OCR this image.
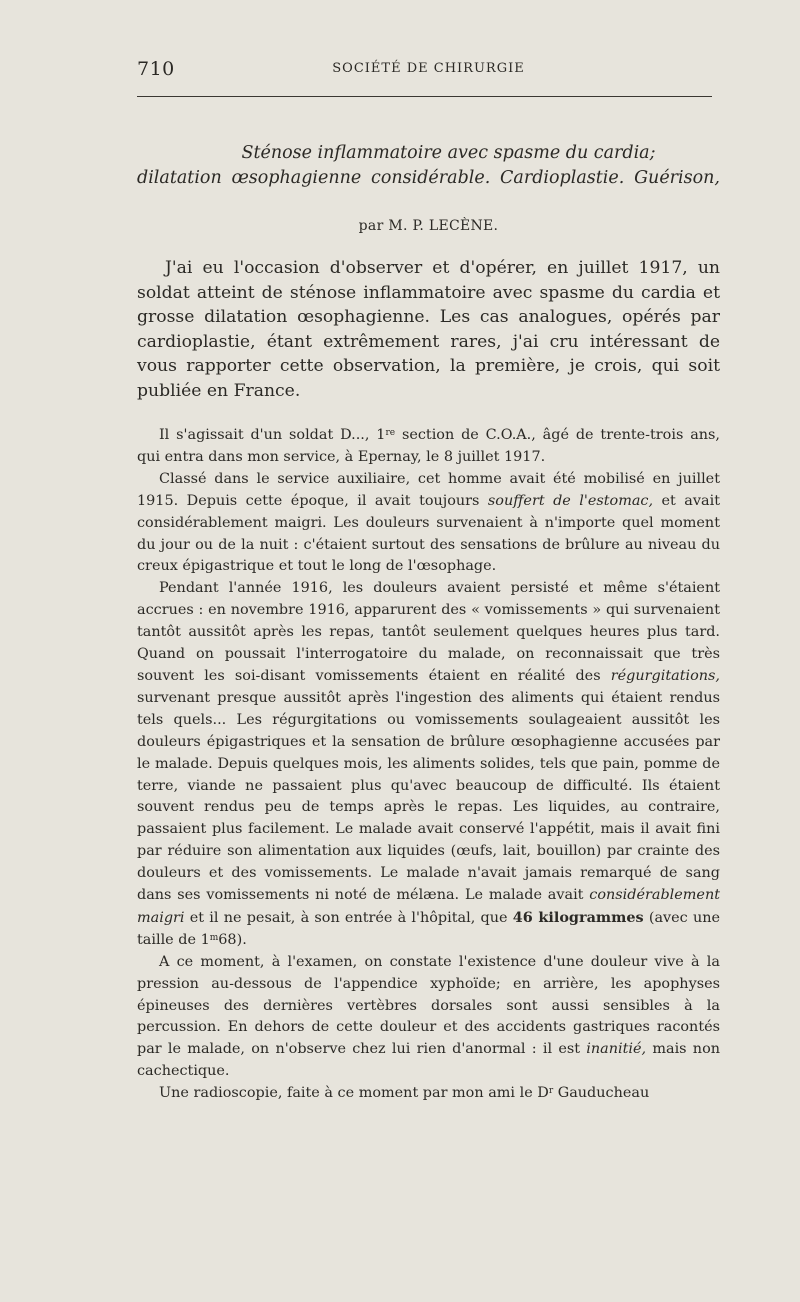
710	SOCIÉTÉ DE CHIRURGIE
Sténose inflammatoire avec spasme du cardia;
dilatation œsophagienne considérable. Cardioplastie. Guérison,
par M. P. LECÈNE.

J'ai eu l'occasion d'observer et d'opérer, en juillet 1917, un soldat atteint de sténose inflammatoire avec spasme du cardia et grosse dilatation œsophagienne. Les cas analogues, opérés par cardioplastie, étant extrêmement rares, j'ai cru intéressant de vous rapporter cette observation, la première, je crois, qui soit publiée en France.

Il s'agissait d'un soldat D..., 1re section de C.O.A., âgé de trente-trois ans, qui entra dans mon service, à Epernay, le 8 juillet 1917.

Classé dans le service auxiliaire, cet homme avait été mobilisé en juillet 1915. Depuis cette époque, il avait toujours souffert de l'estomac, et avait considérablement maigri. Les douleurs survenaient à n'importe quel moment du jour ou de la nuit : c'étaient surtout des sensations de brûlure au niveau du creux épigastrique et tout le long de l'œsophage.

Pendant l'année 1916, les douleurs avaient persisté et même s'étaient accrues : en novembre 1916, apparurent des « vomissements » qui survenaient tantôt aussitôt après les repas, tantôt seulement quelques heures plus tard. Quand on poussait l'interrogatoire du malade, on reconnaissait que très souvent les soi-disant vomissements étaient en réalité des régurgitations, survenant presque aussitôt après l'ingestion des aliments qui étaient rendus tels quels... Les régurgitations ou vomissements soulageaient aussitôt les douleurs épigastriques et la sensation de brûlure œsophagienne accusées par le malade. Depuis quelques mois, les aliments solides, tels que pain, pomme de terre, viande ne passaient plus qu'avec beaucoup de difficulté. Ils étaient souvent rendus peu de temps après le repas. Les liquides, au contraire, passaient plus facilement. Le malade avait conservé l'appétit, mais il avait fini par réduire son alimentation aux liquides (œufs, lait, bouillon) par crainte des douleurs et des vomissements. Le malade n'avait jamais remarqué de sang dans ses vomissements ni noté de mélæna. Le malade avait considérablement maigri et il ne pesait, à son entrée à l'hôpital, que 46 kilogrammes (avec une taille de 1$^m$68).

A ce moment, à l'examen, on constate l'existence d'une douleur vive à la pression au-dessous de l'appendice xyphoïde; en arrière, les apophyses épineuses des dernières vertèbres dorsales sont aussi sensibles à la percussion. En dehors de cette douleur et des accidents gastriques racontés par le malade, on n'observe chez lui rien d'anormal : il est inanitié, mais non cachectique.

Une radioscopie, faite à ce moment par mon ami le $D^r$ Gauducheau
